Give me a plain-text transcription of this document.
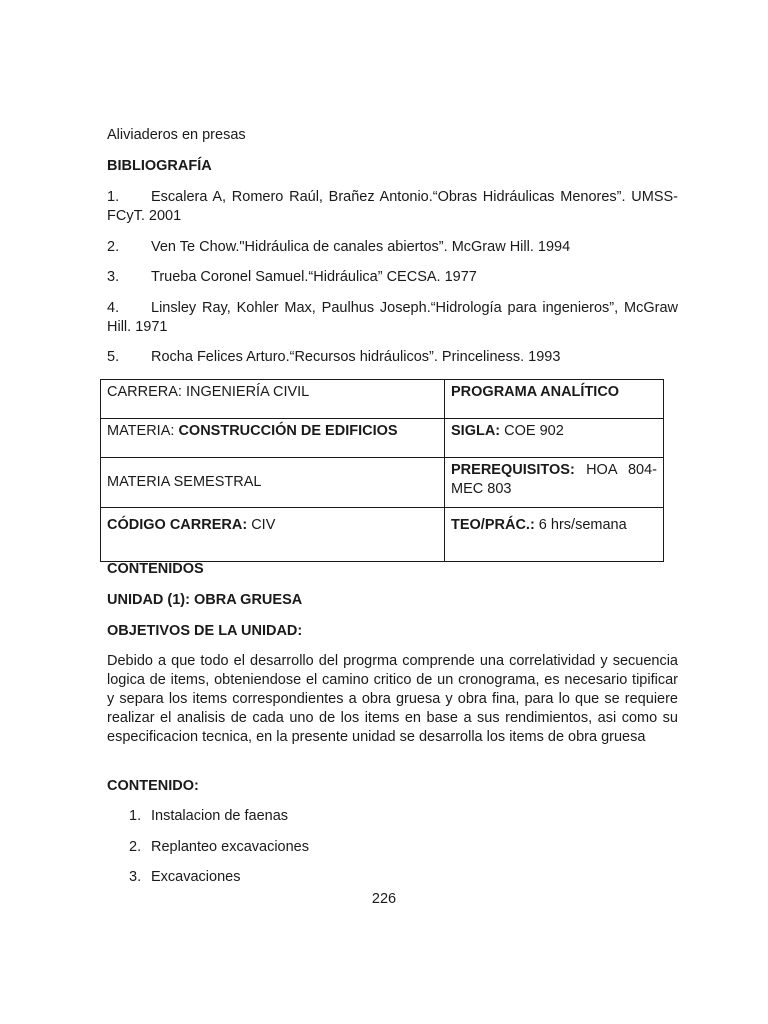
Aliviaderos en presas

BIBLIOGRAFÍA

1. Escalera A, Romero Raúl, Brañez Antonio.“Obras Hidráulicas Menores”. UMSS- FCyT. 2001

2. Ven Te Chow."Hidráulica de canales abiertos”. McGraw Hill. 1994

3. Trueba Coronel Samuel.“Hidráulica” CECSA. 1977

4. Linsley Ray, Kohler Max, Paulhus Joseph.“Hidrología para ingenieros”, McGraw Hill. 1971

5. Rocha Felices Arturo.“Recursos hidráulicos”. Princeliness. 1993

CARRERA: INGENIERÍA CIVIL	PROGRAMA ANALÍTICO
MATERIA: CONSTRUCCIÓN DE EDIFICIOS	SIGLA: COE 902
MATERIA SEMESTRAL	PREREQUISITOS: HOA 804-MEC 803
CÓDIGO CARRERA: CIV	TEO/PRÁC.: 6 hrs/semana

CONTENIDOS

UNIDAD (1): OBRA GRUESA

OBJETIVOS DE LA UNIDAD:

Debido a que todo el desarrollo del progrma comprende una correlatividad y secuencia logica de items, obteniendose el camino critico de un cronograma, es necesario tipificar y separa los items correspondientes a obra gruesa y obra fina, para lo que se requiere realizar el analisis de cada uno de los items en base a sus rendimientos, asi como su especificacion tecnica, en la presente unidad se desarrolla los items de obra gruesa

CONTENIDO:

1. Instalacion de faenas
2. Replanteo excavaciones
3. Excavaciones
226
